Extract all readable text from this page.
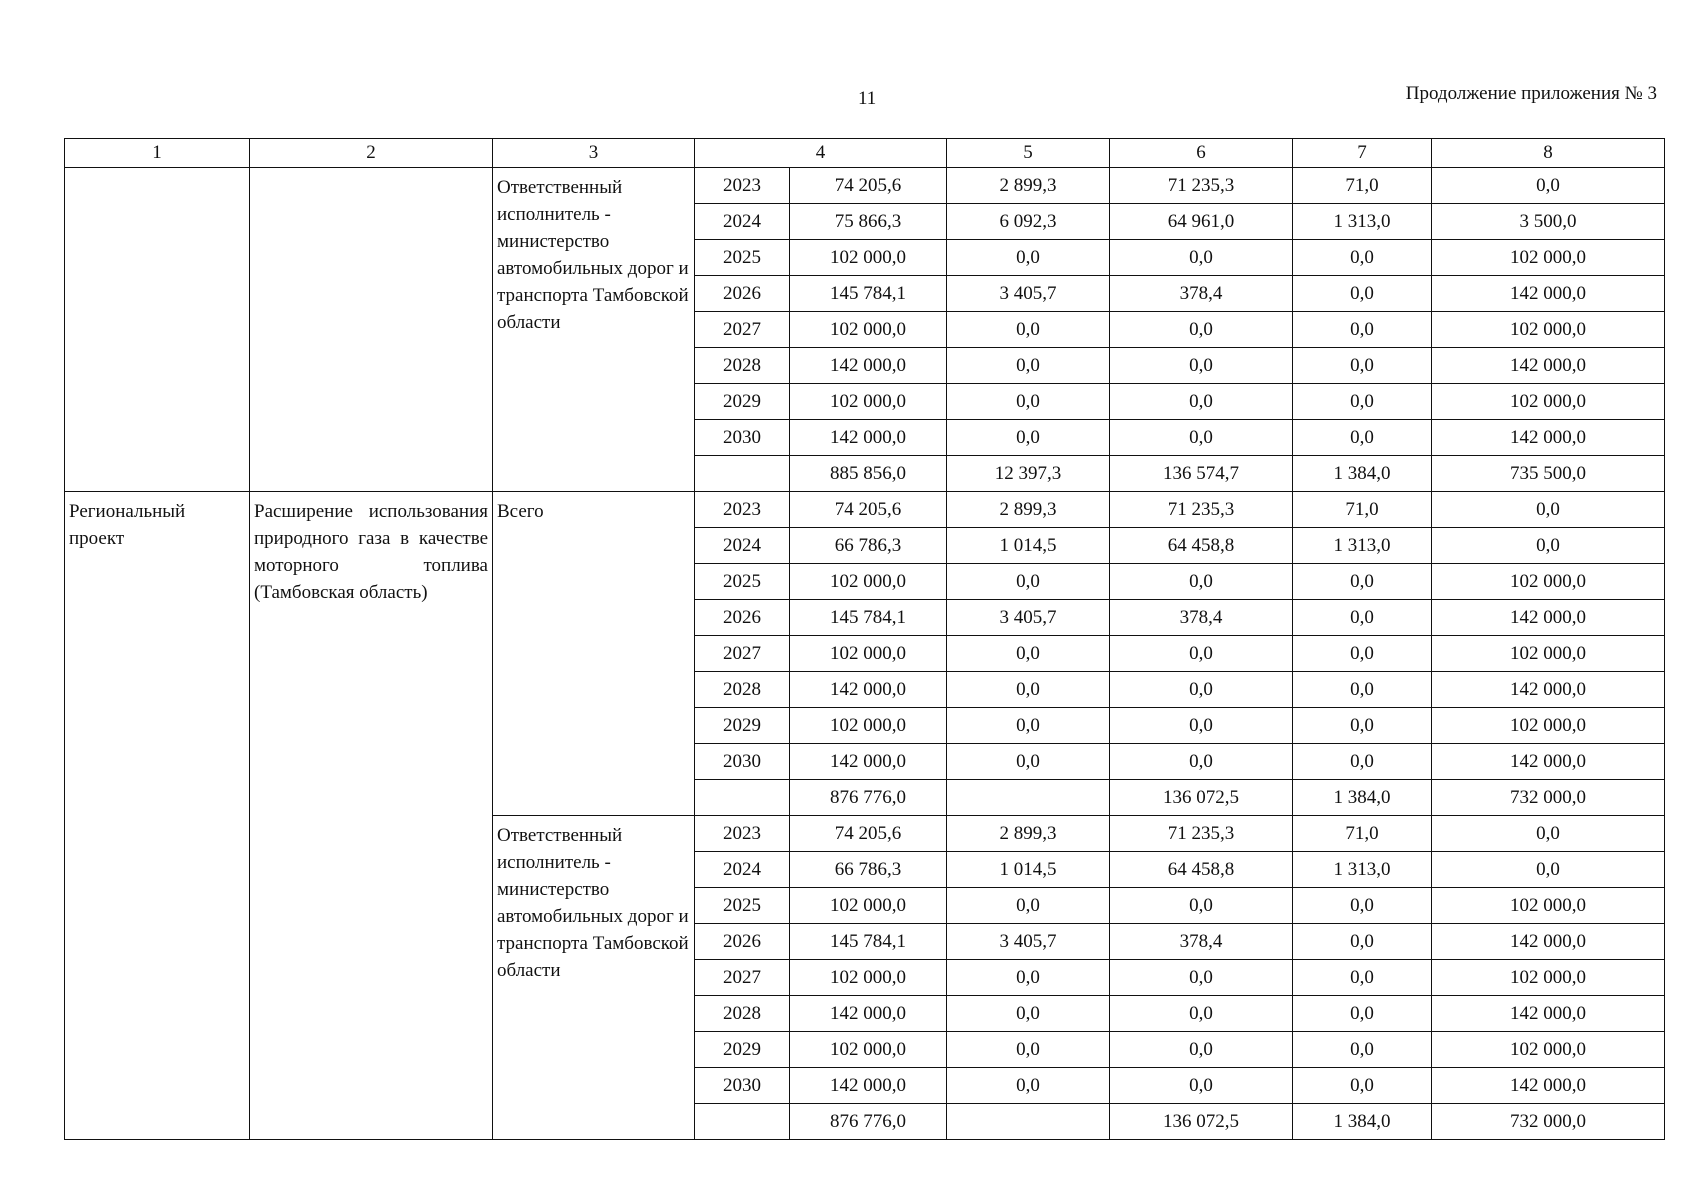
11	Продолжение приложения № 3
1	2	3	4		5	6	7	8
		Ответственный исполнитель - министерство автомобильных дорог и транспорта Тамбовской области	2023	74 205,6	2 899,3	71 235,3	71,0	0,0
			2024	75 866,3	6 092,3	64 961,0	1 313,0	3 500,0
			2025	102 000,0	0,0	0,0	0,0	102 000,0
			2026	145 784,1	3 405,7	378,4	0,0	142 000,0
			2027	102 000,0	0,0	0,0	0,0	102 000,0
			2028	142 000,0	0,0	0,0	0,0	142 000,0
			2029	102 000,0	0,0	0,0	0,0	102 000,0
			2030	142 000,0	0,0	0,0	0,0	142 000,0
				885 856,0	12 397,3	136 574,7	1 384,0	735 500,0
Региональный проект	Расширение использования природного газа в качестве моторного топлива (Тамбовская область)	Всего	2023	74 205,6	2 899,3	71 235,3	71,0	0,0
			2024	66 786,3	1 014,5	64 458,8	1 313,0	0,0
			2025	102 000,0	0,0	0,0	0,0	102 000,0
			2026	145 784,1	3 405,7	378,4	0,0	142 000,0
			2027	102 000,0	0,0	0,0	0,0	102 000,0
			2028	142 000,0	0,0	0,0	0,0	142 000,0
			2029	102 000,0	0,0	0,0	0,0	102 000,0
			2030	142 000,0	0,0	0,0	0,0	142 000,0
				876 776,0		136 072,5	1 384,0	732 000,0
		Ответственный исполнитель - министерство автомобильных дорог и транспорта Тамбовской области	2023	74 205,6	2 899,3	71 235,3	71,0	0,0
			2024	66 786,3	1 014,5	64 458,8	1 313,0	0,0
			2025	102 000,0	0,0	0,0	0,0	102 000,0
			2026	145 784,1	3 405,7	378,4	0,0	142 000,0
			2027	102 000,0	0,0	0,0	0,0	102 000,0
			2028	142 000,0	0,0	0,0	0,0	142 000,0
			2029	102 000,0	0,0	0,0	0,0	102 000,0
			2030	142 000,0	0,0	0,0	0,0	142 000,0
				876 776,0		136 072,5	1 384,0	732 000,0
